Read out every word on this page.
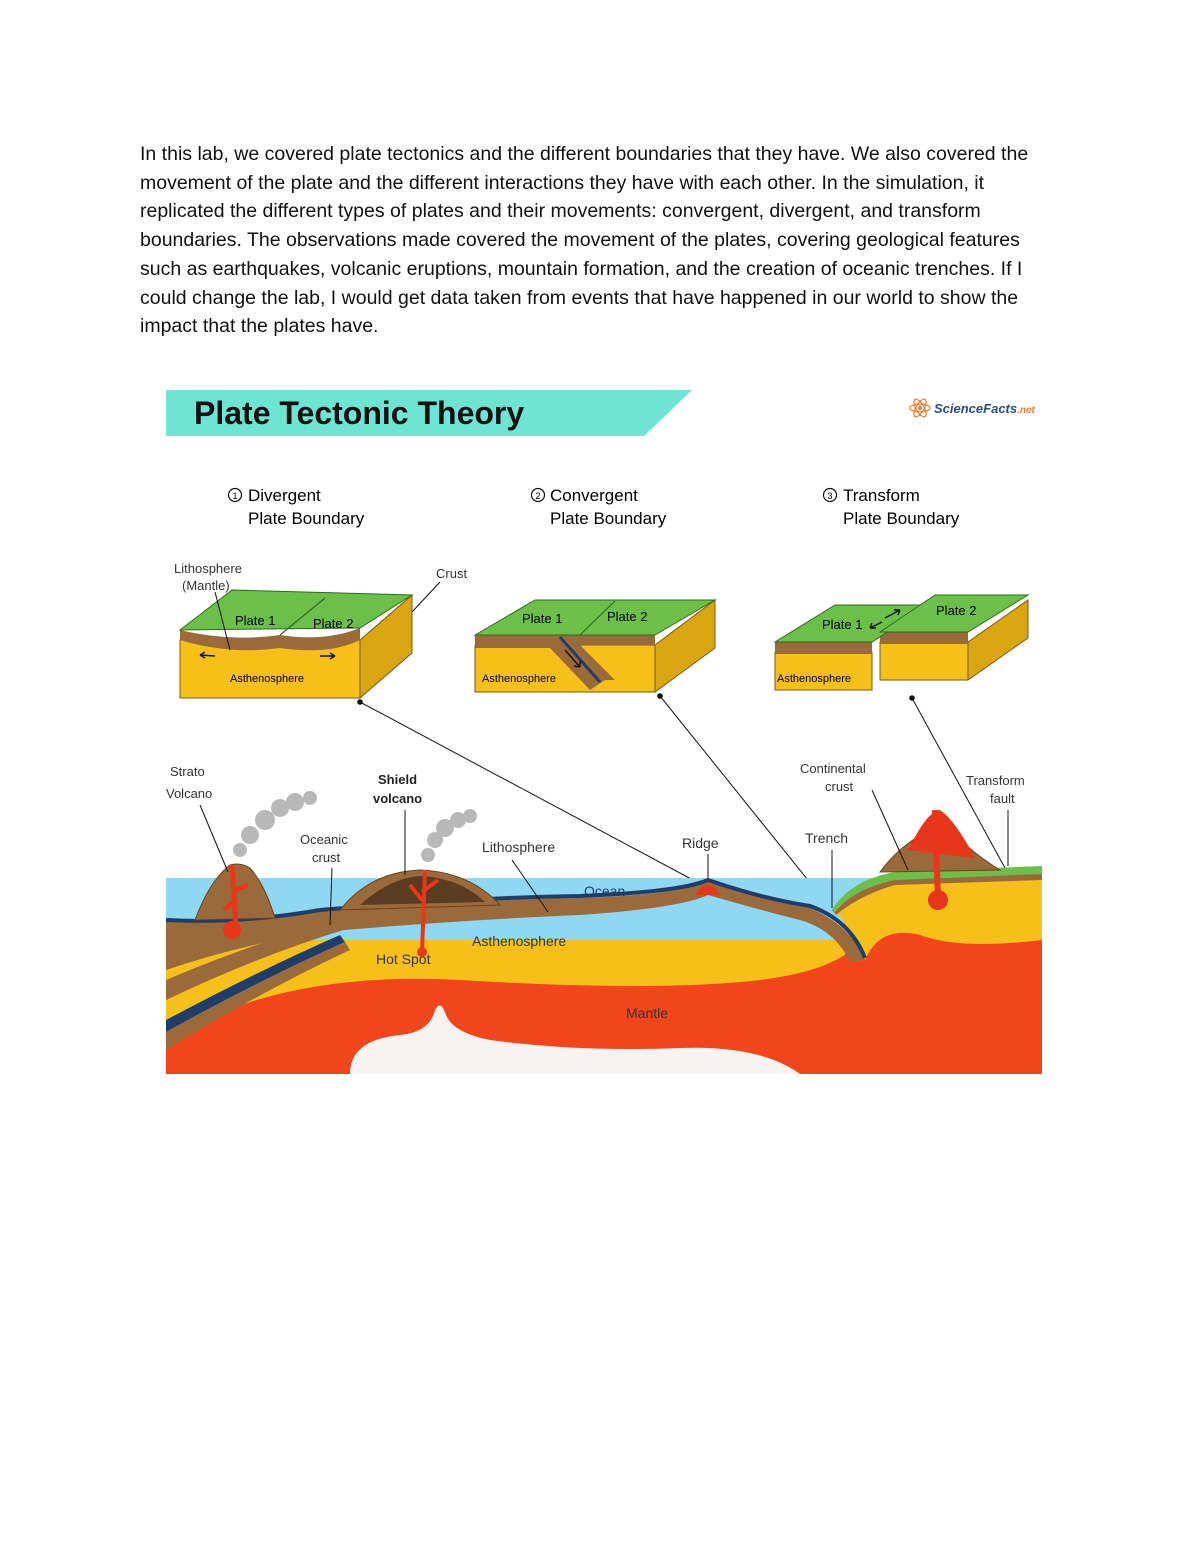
In this lab, we covered plate tectonics and the different boundaries that they have. We also covered the movement of the plate and the different interactions they have with each other. In the simulation, it replicated the different types of plates and their movements: convergent, divergent, and transform boundaries. The observations made covered the movement of the plates, covering geological features such as earthquakes, volcanic eruptions, mountain formation, and the creation of oceanic trenches. If I could change the lab, I would get data taken from events that have happened in our world to show the impact that the plates have.

Plate Tectonic Theory	ScienceFacts.net
1 Divergent
Plate Boundary
2 Convergent
Plate Boundary
3 Transform
Plate Boundary
Plate 1	Plate 2
Asthenosphere
Lithosphere
(Mantle)
Crust
Plate 1	Plate 2
Asthenosphere
Plate 1
Plate 2
Asthenosphere
Strato
Volcano
Shield
volcano
Oceanic
crust
Lithosphere
Ocean
Ridge	Trench
Continental
crust	Transform
fault
Asthenosphere
Hot Spot
Mantle
